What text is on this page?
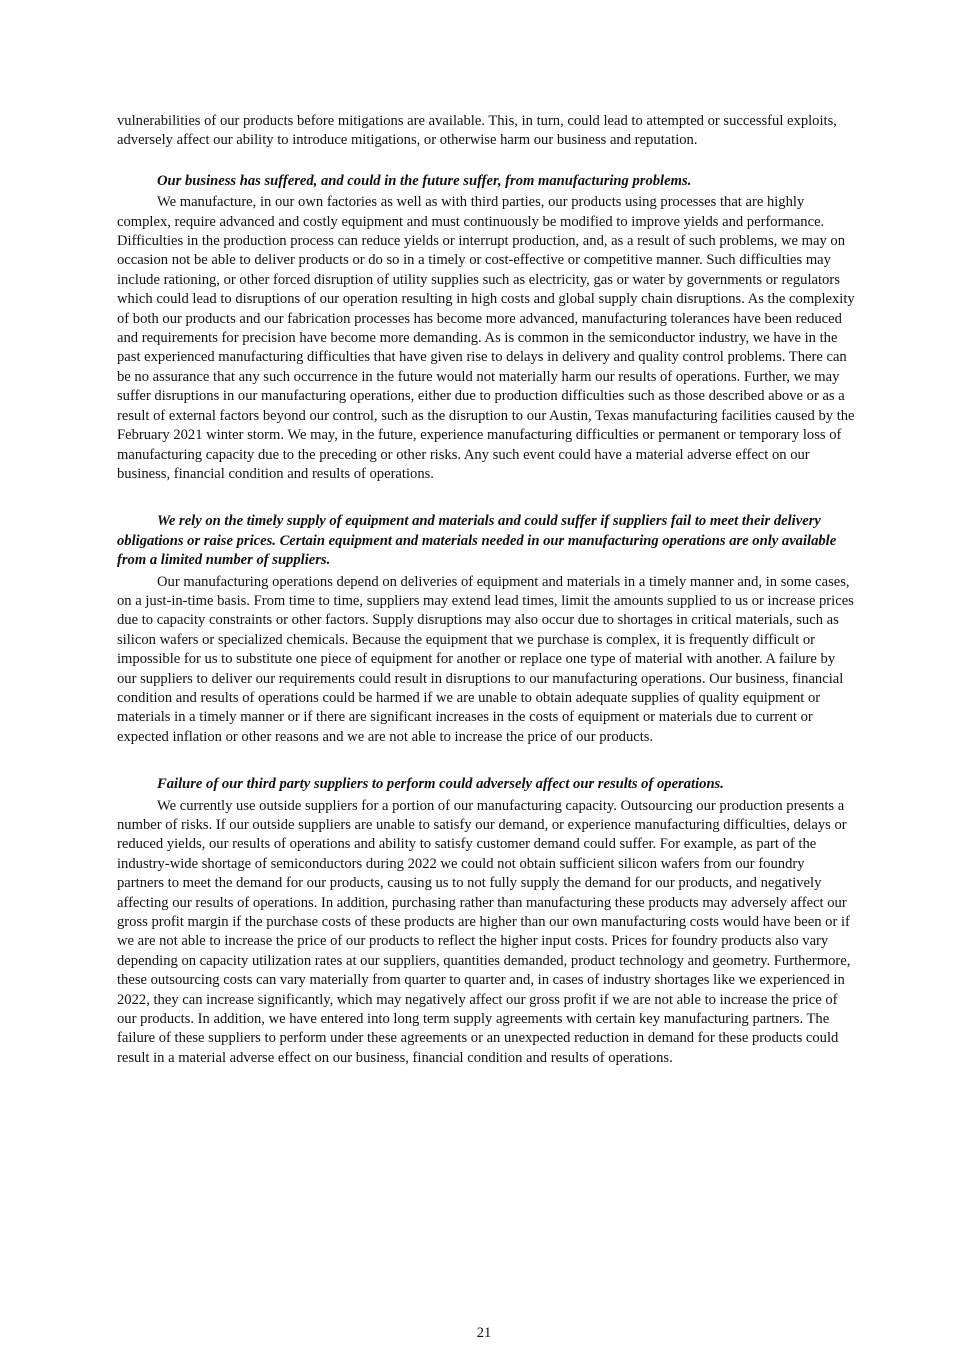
vulnerabilities of our products before mitigations are available. This, in turn, could lead to attempted or successful exploits, adversely affect our ability to introduce mitigations, or otherwise harm our business and reputation.

Our business has suffered, and could in the future suffer, from manufacturing problems.

We manufacture, in our own factories as well as with third parties, our products using processes that are highly complex, require advanced and costly equipment and must continuously be modified to improve yields and performance. Difficulties in the production process can reduce yields or interrupt production, and, as a result of such problems, we may on occasion not be able to deliver products or do so in a timely or cost-effective or competitive manner. Such difficulties may include rationing, or other forced disruption of utility supplies such as electricity, gas or water by governments or regulators which could lead to disruptions of our operation resulting in high costs and global supply chain disruptions. As the complexity of both our products and our fabrication processes has become more advanced, manufacturing tolerances have been reduced and requirements for precision have become more demanding. As is common in the semiconductor industry, we have in the past experienced manufacturing difficulties that have given rise to delays in delivery and quality control problems. There can be no assurance that any such occurrence in the future would not materially harm our results of operations. Further, we may suffer disruptions in our manufacturing operations, either due to production difficulties such as those described above or as a result of external factors beyond our control, such as the disruption to our Austin, Texas manufacturing facilities caused by the February 2021 winter storm. We may, in the future, experience manufacturing difficulties or permanent or temporary loss of manufacturing capacity due to the preceding or other risks. Any such event could have a material adverse effect on our business, financial condition and results of operations.

We rely on the timely supply of equipment and materials and could suffer if suppliers fail to meet their delivery obligations or raise prices. Certain equipment and materials needed in our manufacturing operations are only available from a limited number of suppliers.

Our manufacturing operations depend on deliveries of equipment and materials in a timely manner and, in some cases, on a just-in-time basis. From time to time, suppliers may extend lead times, limit the amounts supplied to us or increase prices due to capacity constraints or other factors. Supply disruptions may also occur due to shortages in critical materials, such as silicon wafers or specialized chemicals. Because the equipment that we purchase is complex, it is frequently difficult or impossible for us to substitute one piece of equipment for another or replace one type of material with another. A failure by our suppliers to deliver our requirements could result in disruptions to our manufacturing operations. Our business, financial condition and results of operations could be harmed if we are unable to obtain adequate supplies of quality equipment or materials in a timely manner or if there are significant increases in the costs of equipment or materials due to current or expected inflation or other reasons and we are not able to increase the price of our products.

Failure of our third party suppliers to perform could adversely affect our results of operations.

We currently use outside suppliers for a portion of our manufacturing capacity. Outsourcing our production presents a number of risks. If our outside suppliers are unable to satisfy our demand, or experience manufacturing difficulties, delays or reduced yields, our results of operations and ability to satisfy customer demand could suffer. For example, as part of the industry-wide shortage of semiconductors during 2022 we could not obtain sufficient silicon wafers from our foundry partners to meet the demand for our products, causing us to not fully supply the demand for our products, and negatively affecting our results of operations. In addition, purchasing rather than manufacturing these products may adversely affect our gross profit margin if the purchase costs of these products are higher than our own manufacturing costs would have been or if we are not able to increase the price of our products to reflect the higher input costs. Prices for foundry products also vary depending on capacity utilization rates at our suppliers, quantities demanded, product technology and geometry. Furthermore, these outsourcing costs can vary materially from quarter to quarter and, in cases of industry shortages like we experienced in 2022, they can increase significantly, which may negatively affect our gross profit if we are not able to increase the price of our products. In addition, we have entered into long term supply agreements with certain key manufacturing partners. The failure of these suppliers to perform under these agreements or an unexpected reduction in demand for these products could result in a material adverse effect on our business, financial condition and results of operations.

21
